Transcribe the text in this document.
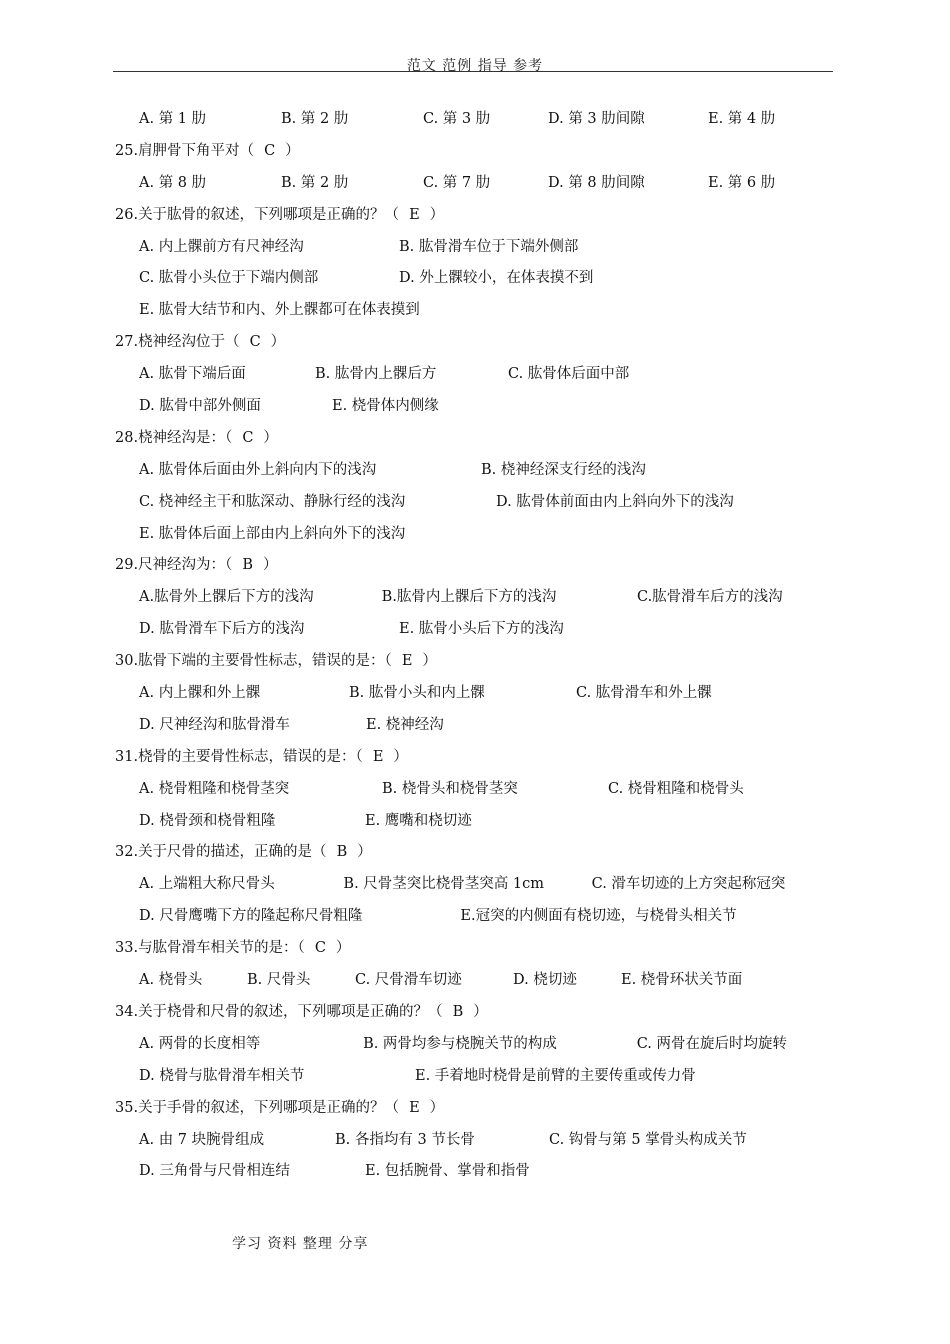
范文 范例 指导 参考
A. 第 1 肋	B. 第 2 肋	C. 第 3 肋	D. 第 3 肋间隙	E. 第 4 肋
25. 肩胛骨下角平对（ C ）
A. 第 8 肋	B. 第 2 肋	C. 第 7 肋	D. 第 8 肋间隙	E. 第 6 肋
26. 关于肱骨的叙述，下列哪项是正确的？（ E ）
A. 内上髁前方有尺神经沟	B. 肱骨滑车位于下端外侧部
C. 肱骨小头位于下端内侧部	D. 外上髁较小，在体表摸不到
E. 肱骨大结节和内、外上髁都可在体表摸到
27. 桡神经沟位于（ C ）
A. 肱骨下端后面	B. 肱骨内上髁后方	C. 肱骨体后面中部
D. 肱骨中部外侧面	E. 桡骨体内侧缘
28. 桡神经沟是：（ C ）
A. 肱骨体后面由外上斜向内下的浅沟	B. 桡神经深支行经的浅沟
C. 桡神经主干和肱深动、静脉行经的浅沟	D. 肱骨体前面由内上斜向外下的浅沟
E. 肱骨体后面上部由内上斜向外下的浅沟
29. 尺神经沟为：（ B ）
A.肱骨外上髁后下方的浅沟	B.肱骨内上髁后下方的浅沟	C.肱骨滑车后方的浅沟
D. 肱骨滑车下后方的浅沟	E. 肱骨小头后下方的浅沟
30. 肱骨下端的主要骨性标志，错误的是：（ E ）
A. 内上髁和外上髁	B. 肱骨小头和内上髁	C. 肱骨滑车和外上髁
D. 尺神经沟和肱骨滑车	E. 桡神经沟
31. 桡骨的主要骨性标志，错误的是：（ E ）
A. 桡骨粗隆和桡骨茎突	B. 桡骨头和桡骨茎突	C. 桡骨粗隆和桡骨头
D. 桡骨颈和桡骨粗隆	E. 鹰嘴和桡切迹
32. 关于尺骨的描述，正确的是（ B ）
A. 上端粗大称尺骨头	B. 尺骨茎突比桡骨茎突高 1cm	C. 滑车切迹的上方突起称冠突
D. 尺骨鹰嘴下方的隆起称尺骨粗隆	E.冠突的内侧面有桡切迹，与桡骨头相关节
33. 与肱骨滑车相关节的是：（ C ）
A. 桡骨头	B. 尺骨头	C. 尺骨滑车切迹	D. 桡切迹	E. 桡骨环状关节面
34. 关于桡骨和尺骨的叙述，下列哪项是正确的？（ B ）
A. 两骨的长度相等	B. 两骨均参与桡腕关节的构成	C. 两骨在旋后时均旋转
D. 桡骨与肱骨滑车相关节	E. 手着地时桡骨是前臂的主要传重或传力骨
35. 关于手骨的叙述，下列哪项是正确的？（ E ）
A. 由 7 块腕骨组成	B. 各指均有 3 节长骨	C. 钩骨与第 5 掌骨头构成关节
D. 三角骨与尺骨相连结	E. 包括腕骨、掌骨和指骨
学习 资料 整理 分享
